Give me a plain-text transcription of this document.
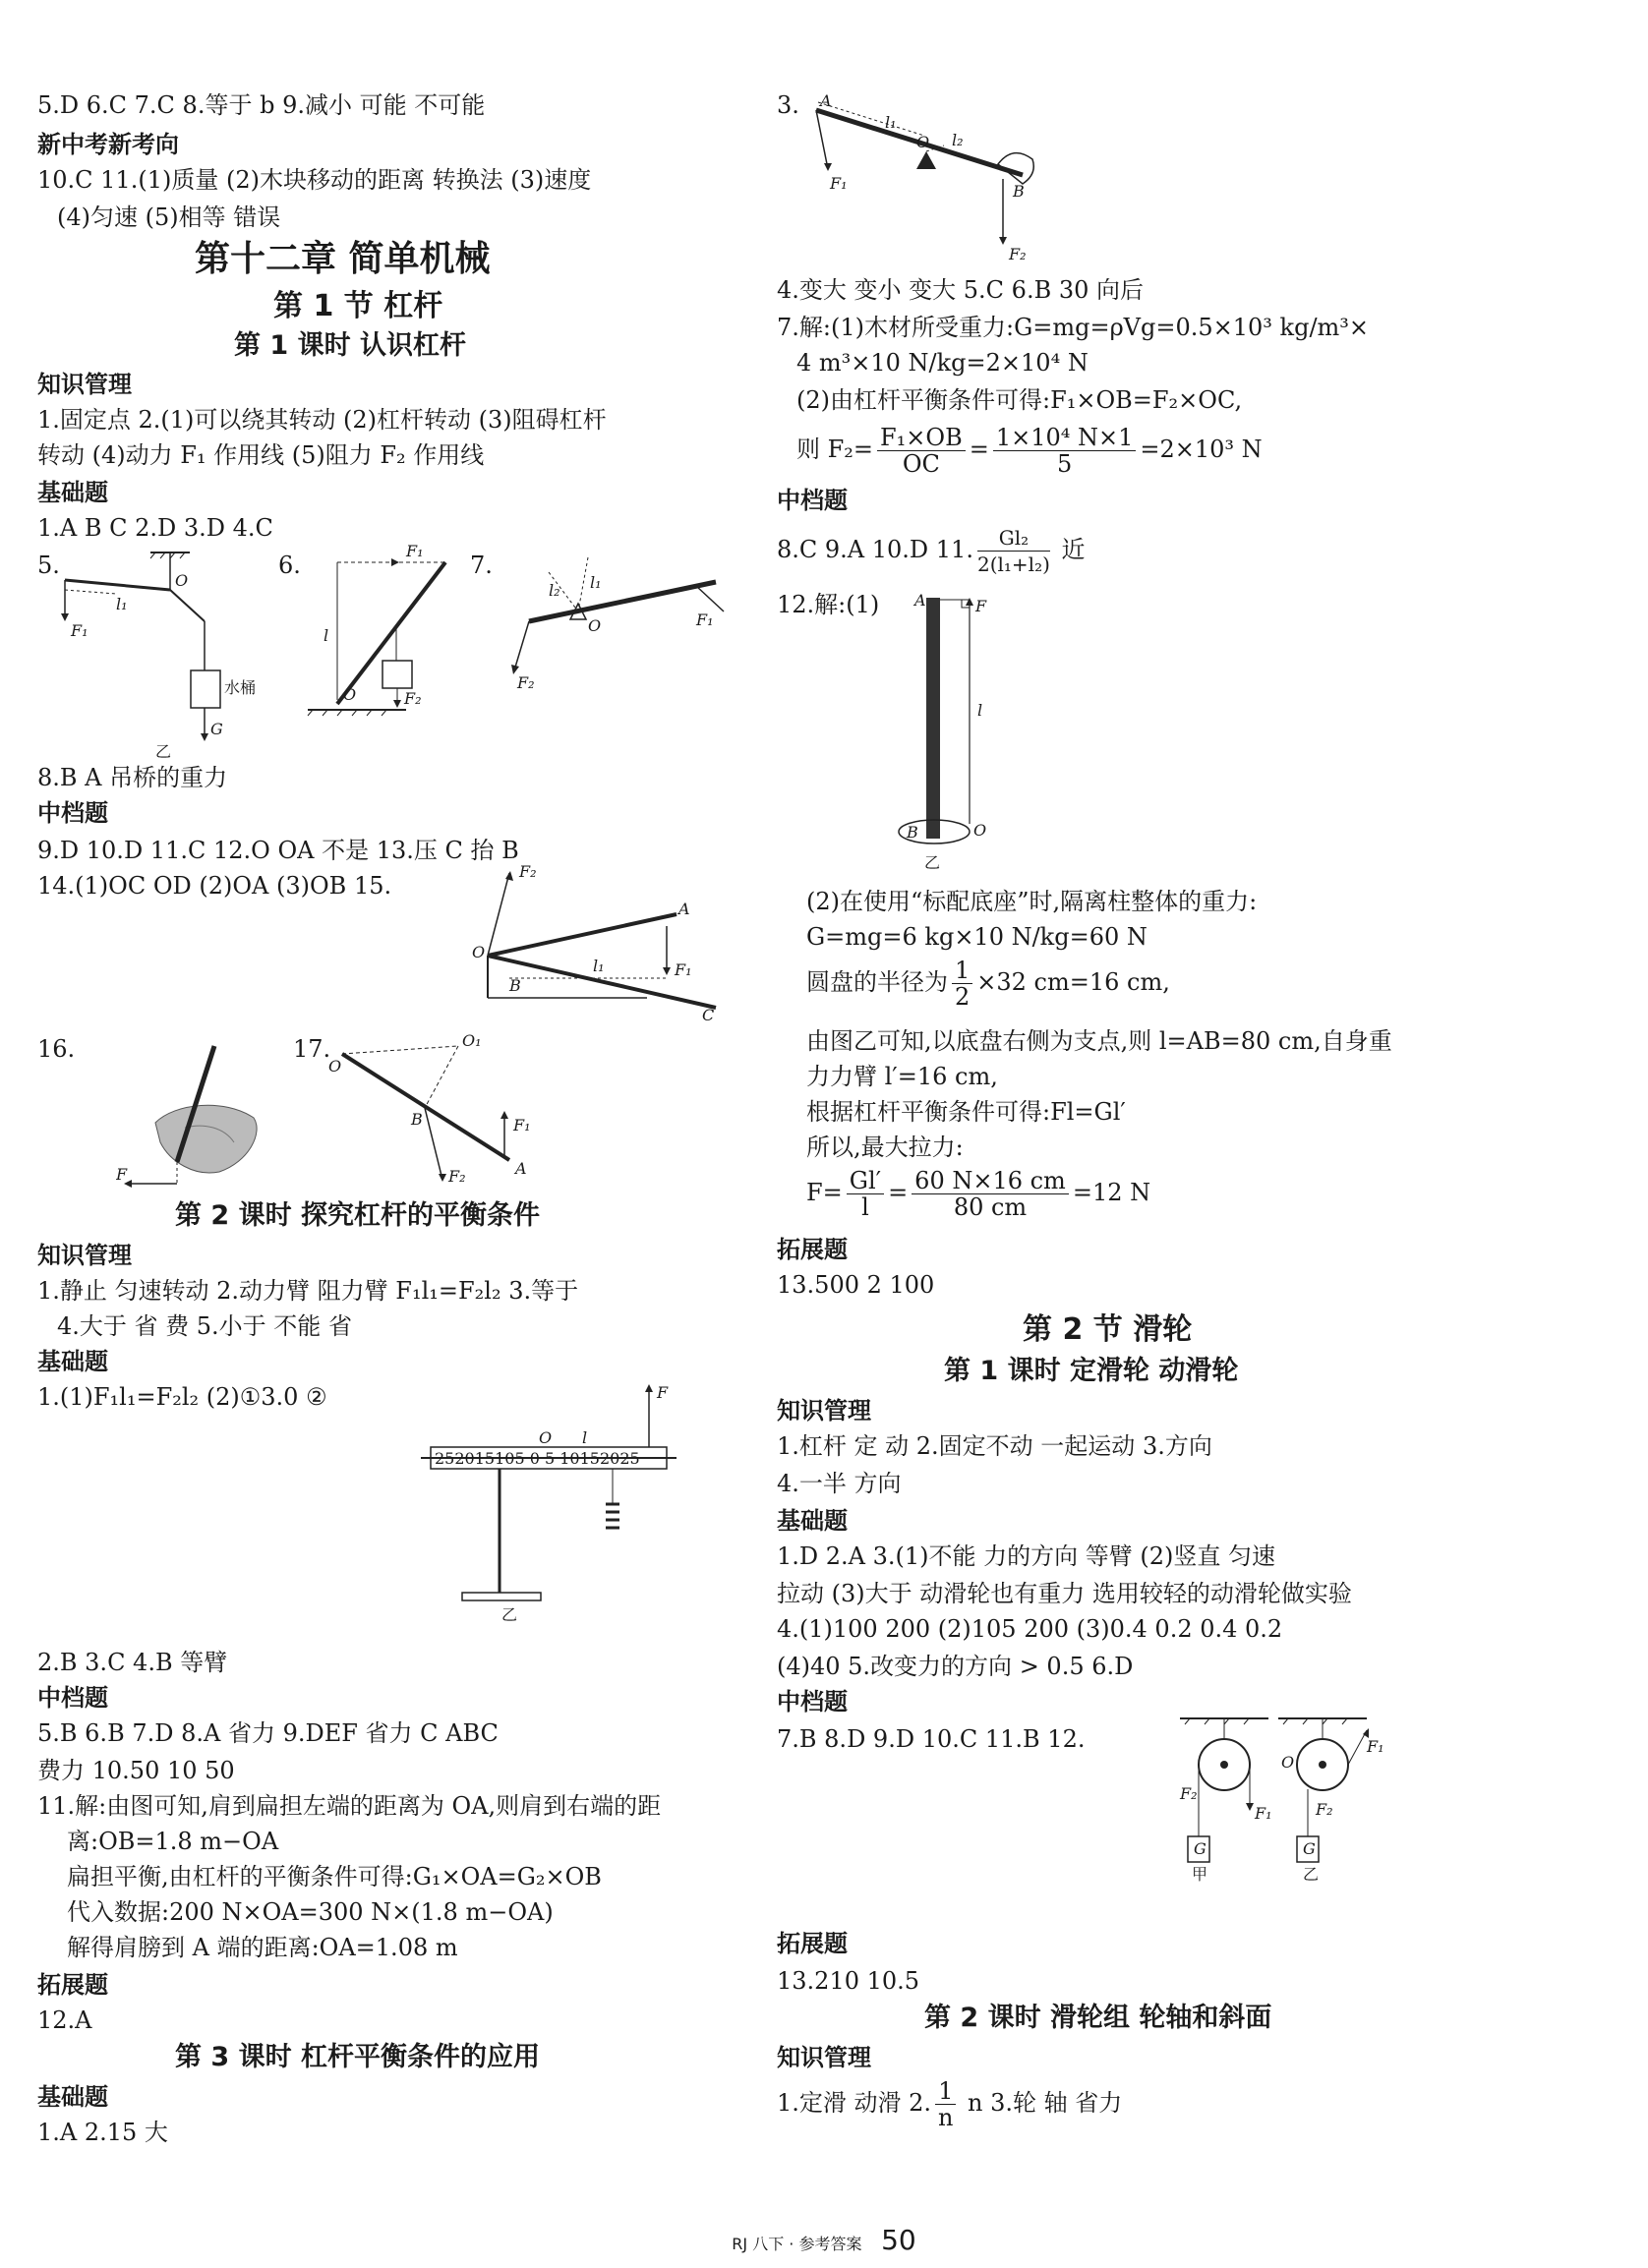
5.D 6.C 7.C 8.等于 b 9.减小 可能 不可能
新中考新考向
10.C 11.(1)质量 (2)木块移动的距离 转换法 (3)速度
(4)匀速 (5)相等 错误
第十二章 简单机械
第 1 节 杠杆
第 1 课时 认识杠杆
知识管理
1.固定点 2.(1)可以绕其转动 (2)杠杆转动 (3)阻碍杠杆
转动 (4)动力 F₁ 作用线 (5)阻力 F₂ 作用线
基础题
1.A B C 2.D 3.D 4.C
5.	6.	7.
O
F₁
l₁
G
水桶
乙
F₁
l
O	F₂
O
F₂
F₁
l₂ l₁
8.B A 吊桥的重力
中档题
9.D 10.D 11.C 12.O OA 不是 13.压 C 抬 B
14.(1)OC OD (2)OA (3)OB 15.
F₂
O
A
B
l₁	F₁
C
16.
F
17.
O
O₁
B	F₁
F₂	A
第 2 课时 探究杠杆的平衡条件
知识管理
1.静止 匀速转动 2.动力臂 阻力臂 F₁l₁=F₂l₂ 3.等于
4.大于 省 费 5.小于 不能 省
基础题
1.(1)F₁l₁=F₂l₂ (2)①3.0 ②
252015105 0 5 10152025
O l
F
乙
2.B 3.C 4.B 等臂
中档题
5.B 6.B 7.D 8.A 省力 9.DEF 省力 C ABC
费力 10.50 10 50
11.解:由图可知,肩到扁担左端的距离为 OA,则肩到右端的距
离:OB=1.8 m−OA
扁担平衡,由杠杆的平衡条件可得:G₁×OA=G₂×OB
代入数据:200 N×OA=300 N×(1.8 m−OA)
解得肩膀到 A 端的距离:OA=1.08 m
拓展题
12.A
第 3 课时 杠杆平衡条件的应用
基础题
1.A 2.15 大
3. A
l₁
O l₂
B
F₁
F₂
4.变大 变小 变大 5.C 6.B 30 向后
7.解:(1)木材所受重力:G=mg=ρVg=0.5×10³ kg/m³×
4 m³×10 N/kg=2×10⁴ N
(2)由杠杆平衡条件可得:F₁×OB=F₂×OC,
则 $F_2= \frac{\text{F₁×OB}}{OC} = \frac{\text{1×10⁴ N×1}}{5} =2\times 10^3$ N
中档题
8.C 9.A 10.D 11. $\frac{\text{Gl₂}}{\text{2(l₁+l₂)}}$ 近
12.解:(1) A	F
l
B	O
乙
(2)在使用“标配底座”时,隔离柱整体的重力:
G=mg=6 kg×10 N/kg=60 N
圆盘的半径为 $\frac{1}{2} \times 32$ cm=16 cm,
由图乙可知,以底盘右侧为支点,则 l=AB=80 cm,自身重
力力臂 l′=16 cm,
根据杠杆平衡条件可得:Fl=Gl′
所以,最大拉力:
$F= \frac{Gl'}{l} = \frac{60 N\times 16 cm}{80 cm} =12$ N
拓展题
13.500 2 100
第 2 节 滑轮
第 1 课时 定滑轮 动滑轮
知识管理
1.杠杆 定 动 2.固定不动 一起运动 3.方向
4.一半 方向
基础题
1.D 2.A 3.(1)不能 力的方向 等臂 (2)竖直 匀速
拉动 (3)大于 动滑轮也有重力 选用较轻的动滑轮做实验
4.(1)100 200 (2)105 200 (3)0.4 0.2 0.4 0.2
(4)40 5.改变力的方向 > 0.5 6.D
中档题
7.B 8.D 9.D 10.C 11.B 12.
G
F₂
F₁
甲
G
O
F₁
F₂
乙
拓展题
13.210 10.5
第 2 课时 滑轮组 轮轴和斜面
知识管理
1.定滑 动滑 2. $\frac{1}{n}$ n 3.轮 轴 省力
RJ 八下 · 参考答案 50
